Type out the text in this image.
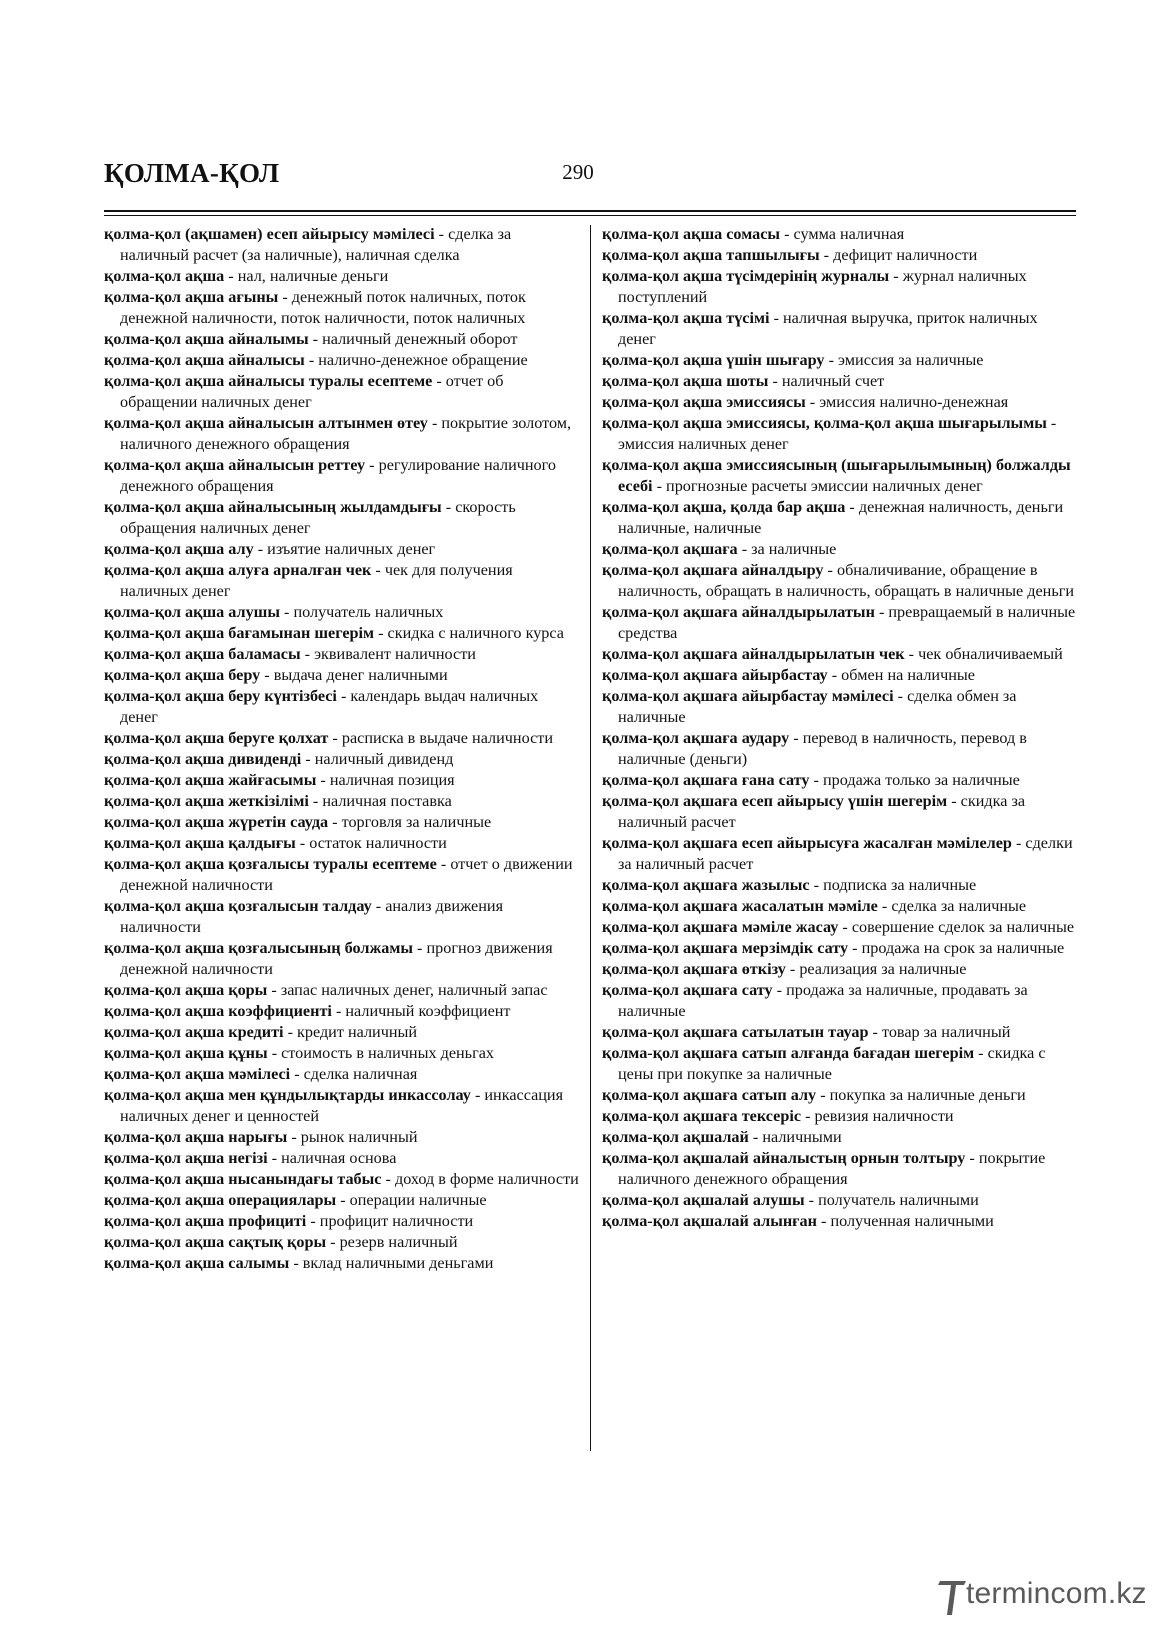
ҚОЛМА-ҚОЛ	290

қолма-қол (ақшамен) есеп айырысу мәмілесі - сделка за наличный расчет (за наличные), наличная сделка

қолма-қол ақша - нал, наличные деньги

қолма-қол ақша ағыны - денежный поток наличных, поток денежной наличности, поток наличности, поток наличных

қолма-қол ақша айналымы - наличный денежный оборот

қолма-қол ақша айналысы - налично-денежное обращение

қолма-қол ақша айналысы туралы есептеме - отчет об обращении наличных денег

қолма-қол ақша айналысын алтынмен өтеу - покрытие золотом, наличного денежного обращения

қолма-қол ақша айналысын реттеу - регулирование наличного денежного обращения

қолма-қол ақша айналысының жылдамдығы - скорость обращения наличных денег

қолма-қол ақша алу - изъятие наличных денег

қолма-қол ақша алуға арналған чек - чек для получения наличных денег

қолма-қол ақша алушы - получатель наличных

қолма-қол ақша бағамынан шегерім - скидка с наличного курса

қолма-қол ақша баламасы - эквивалент наличности

қолма-қол ақша беру - выдача денег наличными

қолма-қол ақша беру күнтізбесі - календарь выдач наличных денег

қолма-қол ақша беруге қолхат - расписка в выдаче наличности

қолма-қол ақша дивиденді - наличный дивиденд

қолма-қол ақша жайғасымы - наличная позиция

қолма-қол ақша жеткізілімі - наличная поставка

қолма-қол ақша жүретін сауда - торговля за наличные

қолма-қол ақша қалдығы - остаток наличности

қолма-қол ақша қозғалысы туралы есептеме - отчет о движении денежной наличности

қолма-қол ақша қозғалысын талдау - анализ движения наличности

қолма-қол ақша қозғалысының болжамы - прогноз движения денежной наличности

қолма-қол ақша қоры - запас наличных денег, наличный запас

қолма-қол ақша коэффициенті - наличный коэффициент

қолма-қол ақша кредиті - кредит наличный

қолма-қол ақша құны - стоимость в наличных деньгах

қолма-қол ақша мәмілесі - сделка наличная

қолма-қол ақша мен құндылықтарды инкассолау - инкассация наличных денег и ценностей

қолма-қол ақша нарығы - рынок наличный

қолма-қол ақша негізі - наличная основа

қолма-қол ақша нысанындағы табыс - доход в форме наличности

қолма-қол ақша операциялары - операции наличные

қолма-қол ақша профициті - профицит наличности

қолма-қол ақша сақтық қоры - резерв наличный

қолма-қол ақша салымы - вклад наличными деньгами

қолма-қол ақша сомасы - сумма наличная

қолма-қол ақша тапшылығы - дефицит наличности

қолма-қол ақша түсімдерінің журналы - журнал наличных поступлений

қолма-қол ақша түсімі - наличная выручка, приток наличных денег

қолма-қол ақша үшін шығару - эмиссия за наличные

қолма-қол ақша шоты - наличный счет

қолма-қол ақша эмиссиясы - эмиссия налично-денежная

қолма-қол ақша эмиссиясы, қолма-қол ақша шығарылымы - эмиссия наличных денег

қолма-қол ақша эмиссиясының (шығарылымының) болжалды есебі - прогнозные расчеты эмиссии наличных денег

қолма-қол ақша, қолда бар ақша - денежная наличность, деньги наличные, наличные

қолма-қол ақшаға - за наличные

қолма-қол ақшаға айналдыру - обналичивание, обращение в наличность, обращать в наличность, обращать в наличные деньги

қолма-қол ақшаға айналдырылатын - превращаемый в наличные средства

қолма-қол ақшаға айналдырылатын чек - чек обналичиваемый

қолма-қол ақшаға айырбастау - обмен на наличные

қолма-қол ақшаға айырбастау мәмілесі - сделка обмен за наличные

қолма-қол ақшаға аудару - перевод в наличность, перевод в наличные (деньги)

қолма-қол ақшаға ғана сату - продажа только за наличные

қолма-қол ақшаға есеп айырысу үшін шегерім - скидка за наличный расчет

қолма-қол ақшаға есеп айырысуға жасалған мәмілелер - сделки за наличный расчет

қолма-қол ақшаға жазылыс - подписка за наличные

қолма-қол ақшаға жасалатын мәміле - сделка за наличные

қолма-қол ақшаға мәміле жасау - совершение сделок за наличные

қолма-қол ақшаға мерзімдік сату - продажа на срок за наличные

қолма-қол ақшаға өткізу - реализация за наличные

қолма-қол ақшаға сату - продажа за наличные, продавать за наличные

қолма-қол ақшаға сатылатын тауар - товар за наличный

қолма-қол ақшаға сатып алғанда бағадан шегерім - скидка с цены при покупке за наличные

қолма-қол ақшаға сатып алу - покупка за наличные деньги

қолма-қол ақшаға тексеріс - ревизия наличности

қолма-қол ақшалай - наличными

қолма-қол ақшалай айналыстың орнын толтыру - покрытие наличного денежного обращения

қолма-қол ақшалай алушы - получатель наличными

қолма-қол ақшалай алынған - полученная наличными

termincom.kz
